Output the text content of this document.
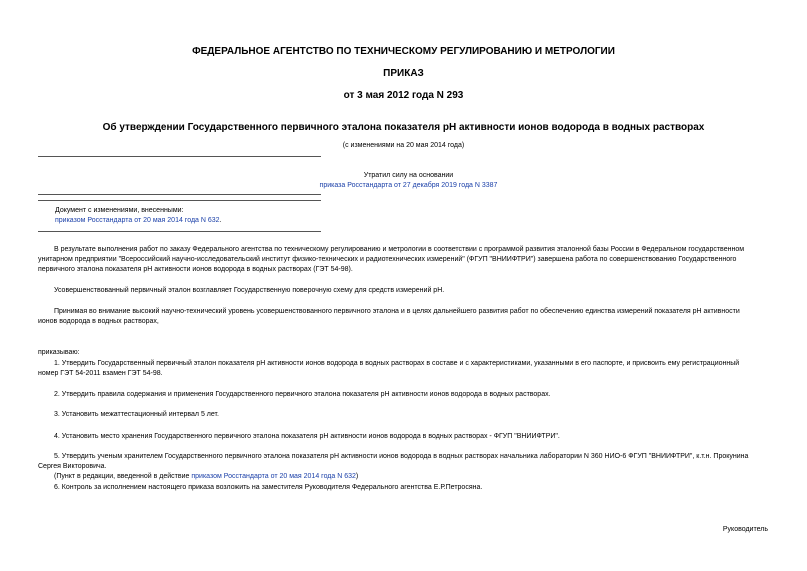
ФЕДЕРАЛЬНОЕ АГЕНТСТВО ПО ТЕХНИЧЕСКОМУ РЕГУЛИРОВАНИЮ И МЕТРОЛОГИИ
ПРИКАЗ
от 3 мая 2012 года N 293
Об утверждении Государственного первичного эталона показателя pH активности ионов водорода в водных растворах
(с изменениями на 20 мая 2014 года)
Утратил силу на основании
приказа Росстандарта от 27 декабря 2019 года N 3387
Документ с изменениями, внесенными:
приказом Росстандарта от 20 мая 2014 года N 632.
В результате выполнения работ по заказу Федерального агентства по техническому регулированию и метрологии в соответствии с программой развития эталонной базы России в Федеральном государственном
унитарном предприятии "Всероссийский научно-исследовательский институт физико-технических и радиотехнических измерений" (ФГУП "ВНИИФТРИ") завершена работа по совершенствованию Государственного
первичного эталона показателя pH активности ионов водорода в водных растворах (ГЭТ 54-98).
Усовершенствованный первичный эталон возглавляет Государственную поверочную схему для средств измерений pH.
Принимая во внимание высокий научно-технический уровень усовершенствованного первичного эталона и в целях дальнейшего развития работ по обеспечению единства измерений показателя pH активности
ионов водорода в водных растворах,
приказываю:
1. Утвердить Государственный первичный эталон показателя pH активности ионов водорода в водных растворах в составе и с характеристиками, указанными в его паспорте, и присвоить ему регистрационный
номер ГЭТ 54-2011 взамен ГЭТ 54-98.
2. Утвердить правила содержания и применения Государственного первичного эталона показателя pH активности ионов водорода в водных растворах.
3. Установить межаттестационный интервал 5 лет.
4. Установить место хранения Государственного первичного эталона показателя pH активности ионов водорода в водных растворах - ФГУП "ВНИИФТРИ".
5. Утвердить ученым хранителем Государственного первичного эталона показателя pH активности ионов водорода в водных растворах начальника лаборатории N 360 НИО-6 ФГУП "ВНИИФТРИ", к.т.н. Прокунина
Сергея Викторовича.
(Пункт в редакции, введенной в действие приказом Росстандарта от 20 мая 2014 года N 632)
6. Контроль за исполнением настоящего приказа возложить на заместителя Руководителя Федерального агентства Е.Р.Петросяна.
Руководитель
